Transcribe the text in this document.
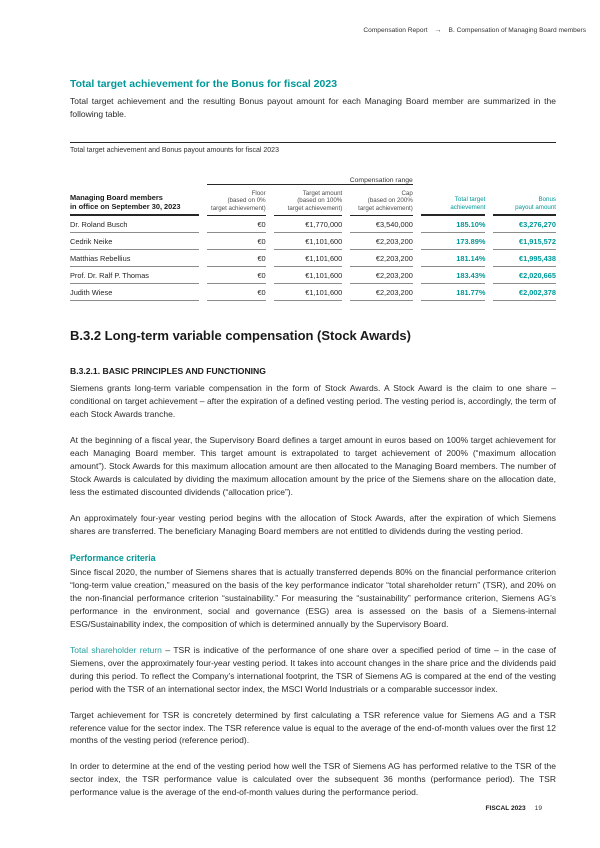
Compensation Report → B. Compensation of Managing Board members
Total target achievement for the Bonus for fiscal 2023

Total target achievement and the resulting Bonus payout amount for each Managing Board member are summarized in the following table.

Total target achievement and Bonus payout amounts for fiscal 2023
	Compensation range				

Managing Board members
in office on September 30, 2023

Floor
(based on 0%
target achievement)

Target amount
(based on 100%
target achievement)

Cap
(based on 200%
target achievement)

Total target
achievement

Bonus
payout amount

Dr. Roland Busch	€0	€1,770,000	€3,540,000	185.10%	€3,276,270
Cedrik Neike	€0	€1,101,600	€2,203,200	173.89%	€1,915,572
Matthias Rebellius	€0	€1,101,600	€2,203,200	181.14%	€1,995,438
Prof. Dr. Ralf P. Thomas	€0	€1,101,600	€2,203,200	183.43%	€2,020,665
Judith Wiese	€0	€1,101,600	€2,203,200	181.77%	€2,002,378
B.3.2 Long-term variable compensation (Stock Awards)
B.3.2.1. BASIC PRINCIPLES AND FUNCTIONING

Siemens grants long-term variable compensation in the form of Stock Awards. A Stock Award is the claim to one share – conditional on target achievement – after the expiration of a defined vesting period. The vesting period is, accordingly, the term of each Stock Awards tranche.

At the beginning of a fiscal year, the Supervisory Board defines a target amount in euros based on 100% target achievement for each Managing Board member. This target amount is extrapolated to target achievement of 200% (“maximum allocation amount”). Stock Awards for this maximum allocation amount are then allocated to the Managing Board members. The number of Stock Awards is calculated by dividing the maximum allocation amount by the price of the Siemens share on the allocation date, less the estimated discounted dividends (“allocation price”).

An approximately four-year vesting period begins with the allocation of Stock Awards, after the expiration of which Siemens shares are transferred. The beneficiary Managing Board members are not entitled to dividends during the vesting period.

Performance criteria

Since fiscal 2020, the number of Siemens shares that is actually transferred depends 80% on the financial performance criterion “long-term value creation,” measured on the basis of the key performance indicator “total shareholder return” (TSR), and 20% on the non-financial performance criterion “sustainability.” For measuring the “sustainability” performance criterion, Siemens AG’s performance in the environment, social and governance (ESG) area is assessed on the basis of a Siemens-internal ESG/Sustainability index, the composition of which is determined annually by the Supervisory Board.

Total shareholder return – TSR is indicative of the performance of one share over a specified period of time – in the case of Siemens, over the approximately four-year vesting period. It takes into account changes in the share price and the dividends paid during this period. To reflect the Company’s international footprint, the TSR of Siemens AG is compared at the end of the vesting period with the TSR of an international sector index, the MSCI World Industrials or a comparable successor index.

Target achievement for TSR is concretely determined by first calculating a TSR reference value for Siemens AG and a TSR reference value for the sector index. The TSR reference value is equal to the average of the end-of-month values over the first 12 months of the vesting period (reference period).

In order to determine at the end of the vesting period how well the TSR of Siemens AG has performed relative to the TSR of the sector index, the TSR performance value is calculated over the subsequent 36 months (performance period). The TSR performance value is the average of the end-of-month values during the performance period.

FISCAL 2023 19
